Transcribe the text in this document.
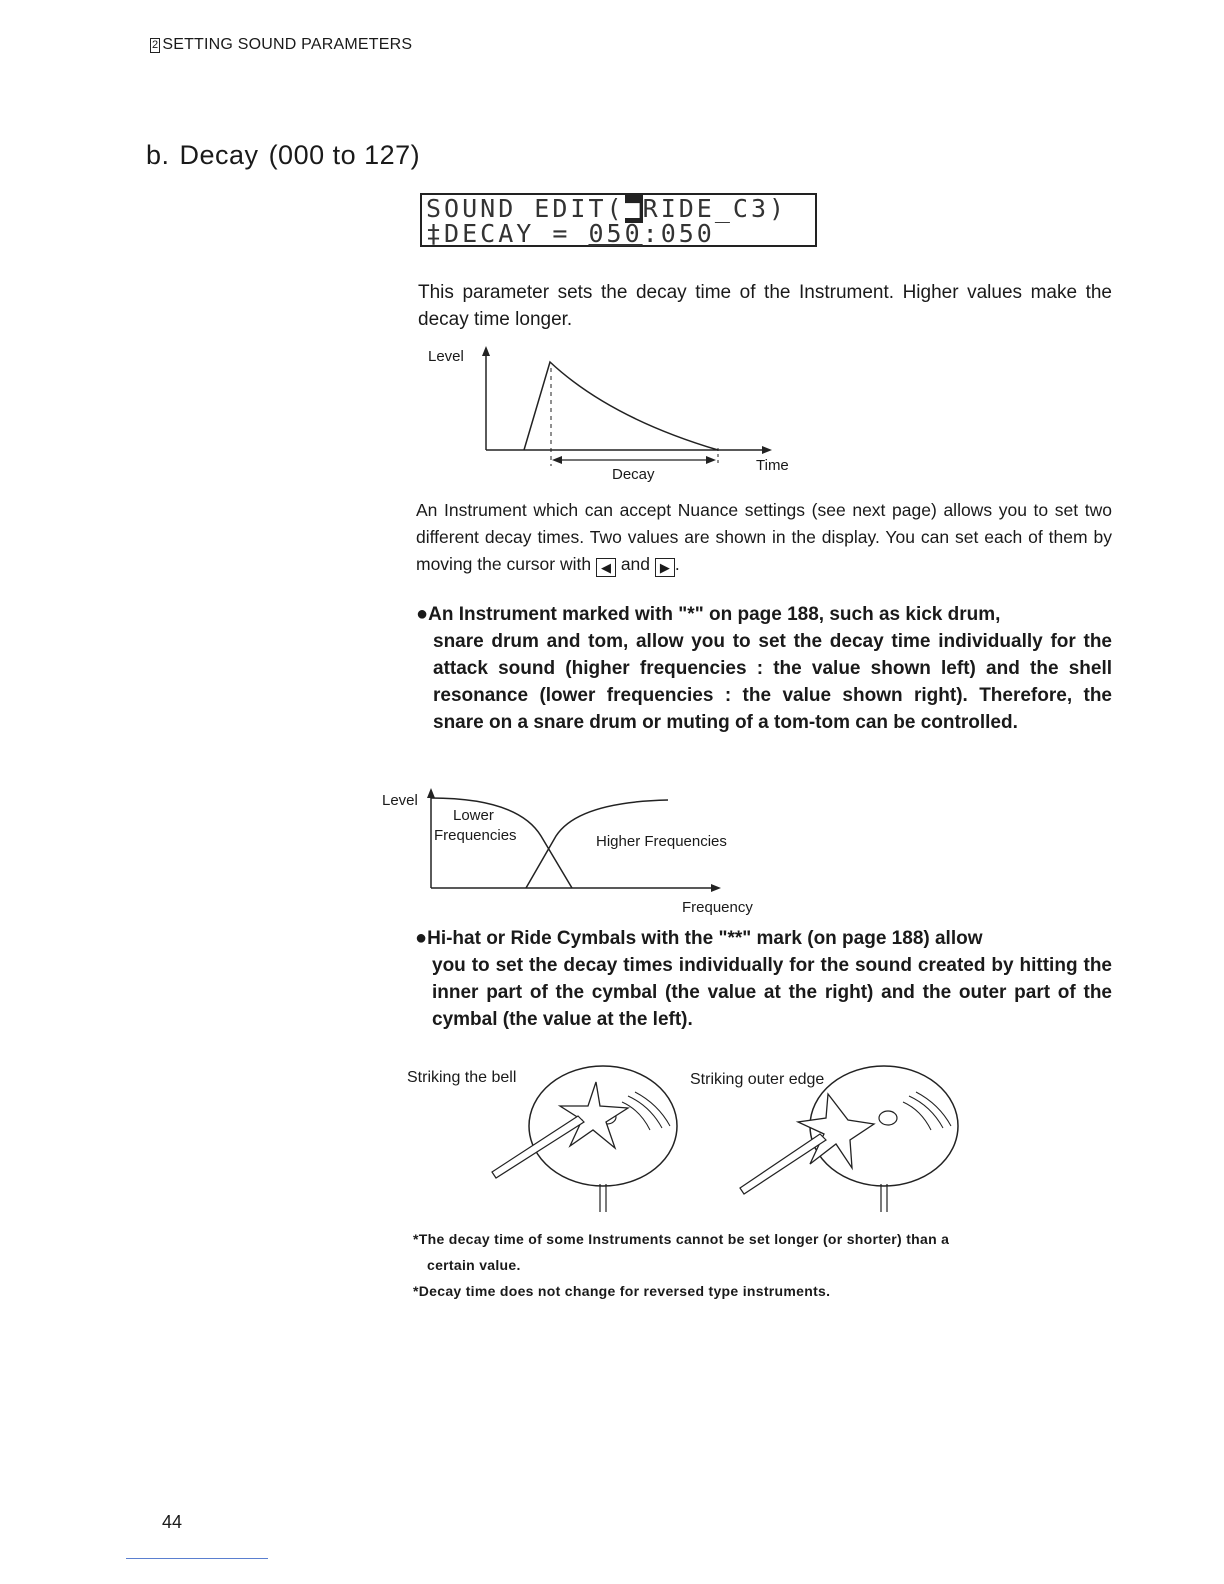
2 SETTING SOUND PARAMETERS
b. Decay (000 to 127)
SOUND EDIT(■RIDE_C3)
‡DECAY = 050:050
This parameter sets the decay time of the Instrument. Higher values make the decay time longer.
Level
Decay
Time
An Instrument which can accept Nuance settings (see next page) allows you to set two different decay times. Two values are shown in the display. You can set each of them by moving the cursor with ◀ and ▶ .
●An Instrument marked with "*" on page 188, such as kick drum,
snare drum and tom, allow you to set the decay time individually for the attack sound (higher frequencies : the value shown left) and the shell resonance (lower frequencies : the value shown right). Therefore, the snare on a snare drum or muting of a tom-tom can be controlled.
Level
Lower
Frequencies	Higher Frequencies
Frequency
●Hi-hat or Ride Cymbals with the "**" mark (on page 188) allow
you to set the decay times individually for the sound created by hitting the inner part of the cymbal (the value at the right) and the outer part of the cymbal (the value at the left).
Striking the bell	Striking outer edge
*The decay time of some Instruments cannot be set longer (or shorter) than a
certain value.
*Decay time does not change for reversed type instruments.
44
